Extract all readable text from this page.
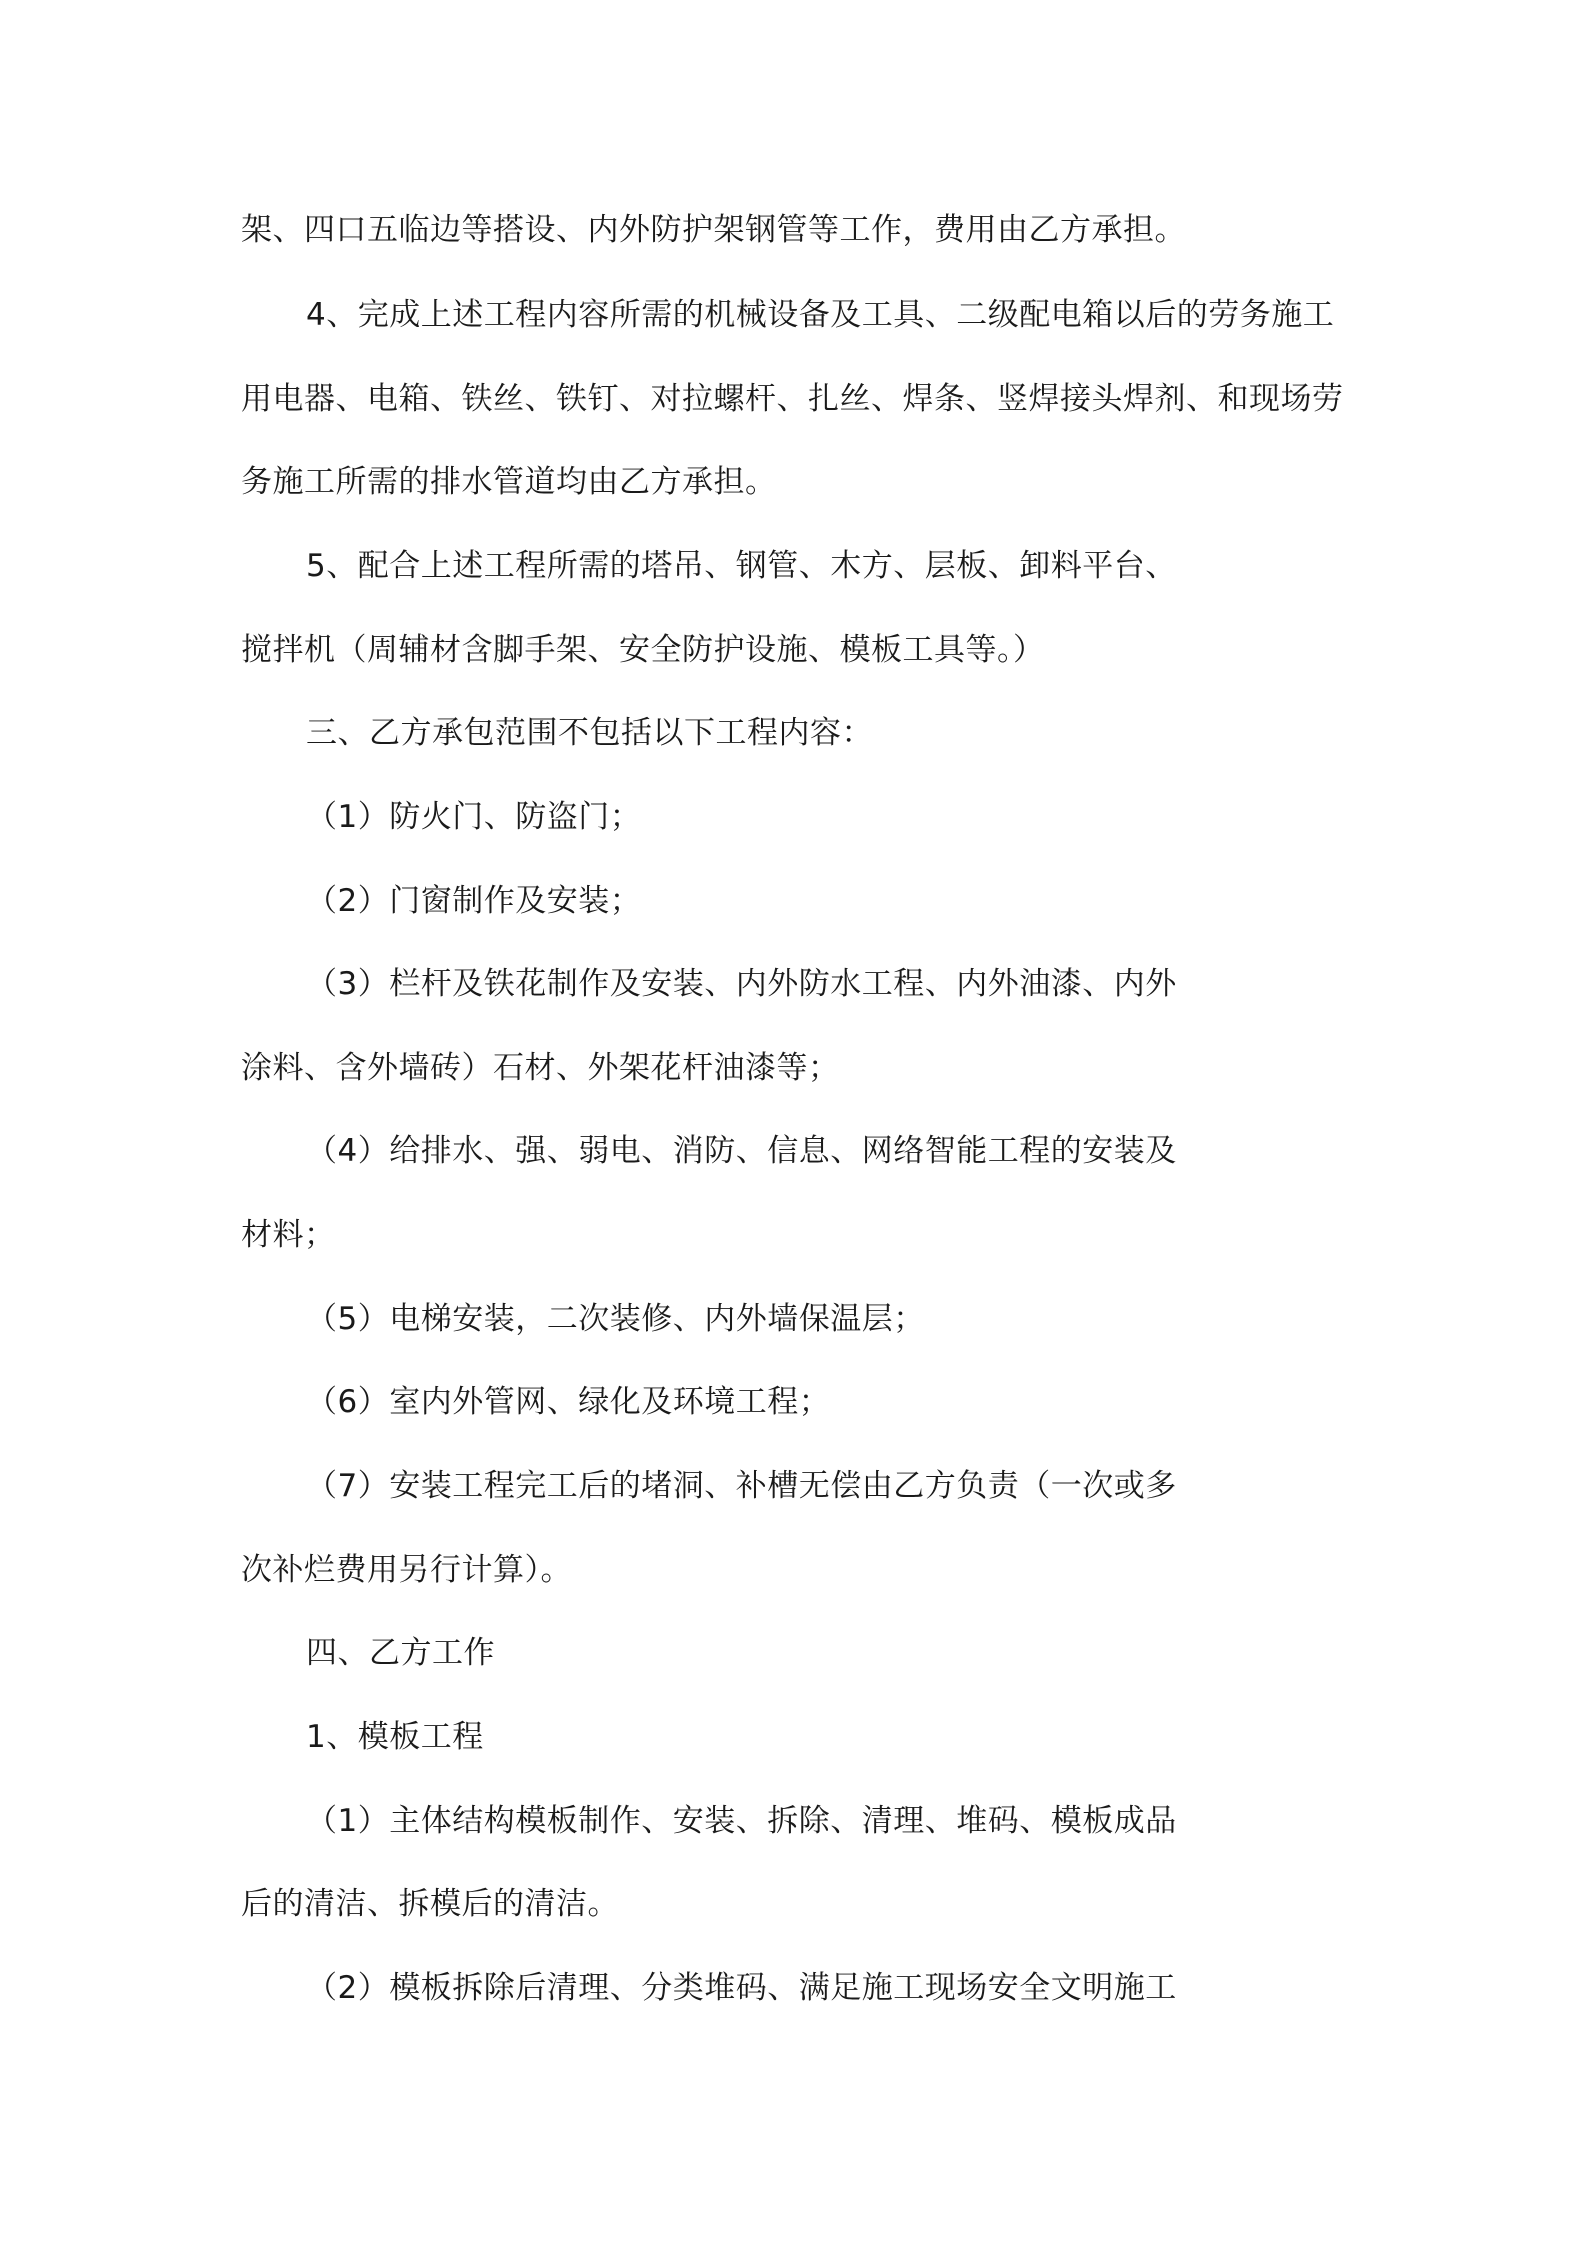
架、四口五临边等搭设、内外防护架钢管等工作，费用由乙方承担。
4、完成上述工程内容所需的机械设备及工具、二级配电箱以后的劳务施工
用电器、电箱、铁丝、铁钉、对拉螺杆、扎丝、焊条、竖焊接头焊剂、和现场劳
务施工所需的排水管道均由乙方承担。
5、配合上述工程所需的塔吊、钢管、木方、层板、卸料平台、
搅拌机（周辅材含脚手架、安全防护设施、模板工具等。）
三、乙方承包范围不包括以下工程内容：
（1）防火门、防盗门；
（2）门窗制作及安装；
（3）栏杆及铁花制作及安装、内外防水工程、内外油漆、内外
涂料、含外墙砖）石材、外架花杆油漆等；
（4）给排水、强、弱电、消防、信息、网络智能工程的安装及
材料；
（5）电梯安装，二次装修、内外墙保温层；
（6）室内外管网、绿化及环境工程；
（7）安装工程完工后的堵洞、补槽无偿由乙方负责（一次或多
次补烂费用另行计算）。
四、乙方工作
1、模板工程
（1）主体结构模板制作、安装、拆除、清理、堆码、模板成品
后的清洁、拆模后的清洁。
（2）模板拆除后清理、分类堆码、满足施工现场安全文明施工
